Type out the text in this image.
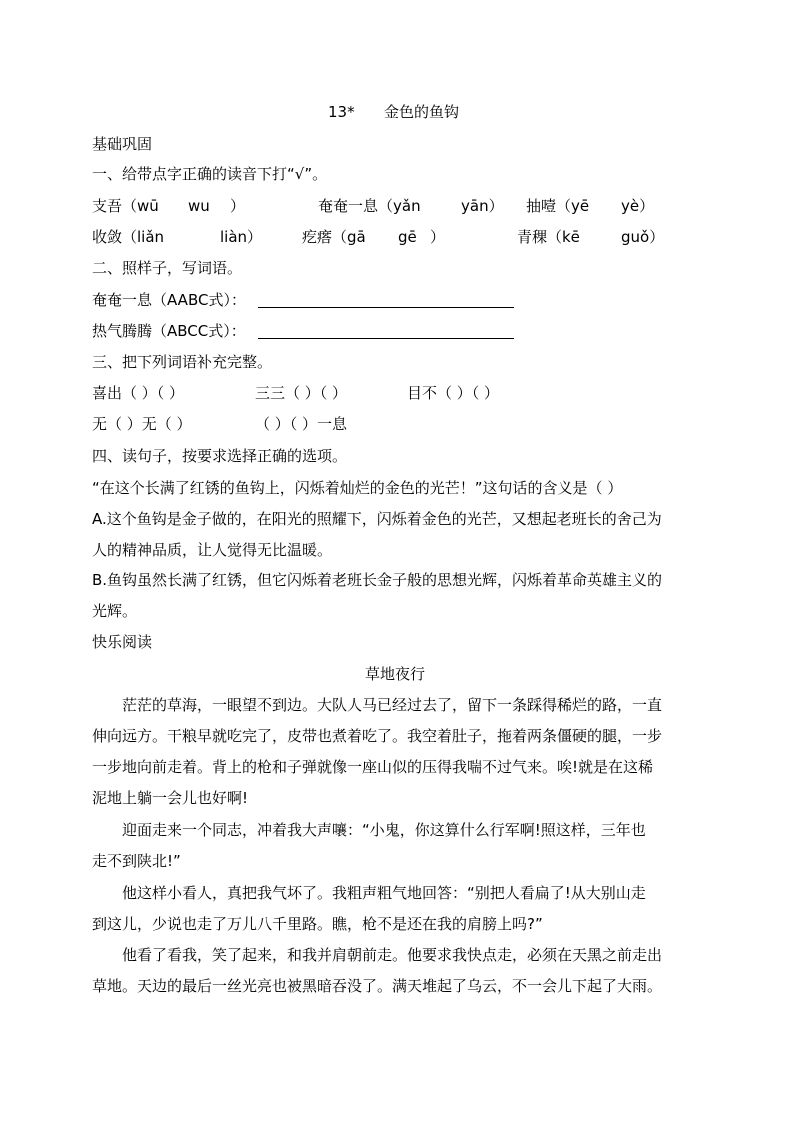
13* 金色的鱼钩
基础巩固
一、给带点字正确的读音下打“√”。
支吾（wū wu ）	奄奄一息（yǎn	yān） 抽噎（yē yè）
收敛（liǎn	liàn）	疙瘩（gā gē ）	青稞（kē	guǒ）
二、照样子，写词语。
奄奄一息（AABC式）：
热气腾腾（ABCC式）：
三、把下列词语补充完整。
喜出（ ）（ ）	三三（ ）（ ）	目不（ ）（ ）
无（ ）无（ ）	（ ）（ ）一息
四、读句子，按要求选择正确的选项。
“在这个长满了红锈的鱼钩上，闪烁着灿烂的金色的光芒！”这句话的含义是（ ）
A.这个鱼钩是金子做的，在阳光的照耀下，闪烁着金色的光芒，又想起老班长的舍己为
人的精神品质，让人觉得无比温暖。
B.鱼钩虽然长满了红锈，但它闪烁着老班长金子般的思想光辉，闪烁着革命英雄主义的
光辉。
快乐阅读
草地夜行
茫茫的草海，一眼望不到边。大队人马已经过去了，留下一条踩得稀烂的路，一直
伸向远方。干粮早就吃完了，皮带也煮着吃了。我空着肚子，拖着两条僵硬的腿，一步
一步地向前走着。背上的枪和子弹就像一座山似的压得我喘不过气来。唉!就是在这稀
泥地上躺一会儿也好啊!
迎面走来一个同志，冲着我大声嚷：“小鬼，你这算什么行军啊!照这样，三年也
走不到陕北!”
他这样小看人，真把我气坏了。我粗声粗气地回答：“别把人看扁了!从大别山走
到这儿，少说也走了万儿八千里路。瞧，枪不是还在我的肩膀上吗?”
他看了看我，笑了起来，和我并肩朝前走。他要求我快点走，必须在天黑之前走出
草地。天边的最后一丝光亮也被黑暗吞没了。满天堆起了乌云，不一会儿下起了大雨。
